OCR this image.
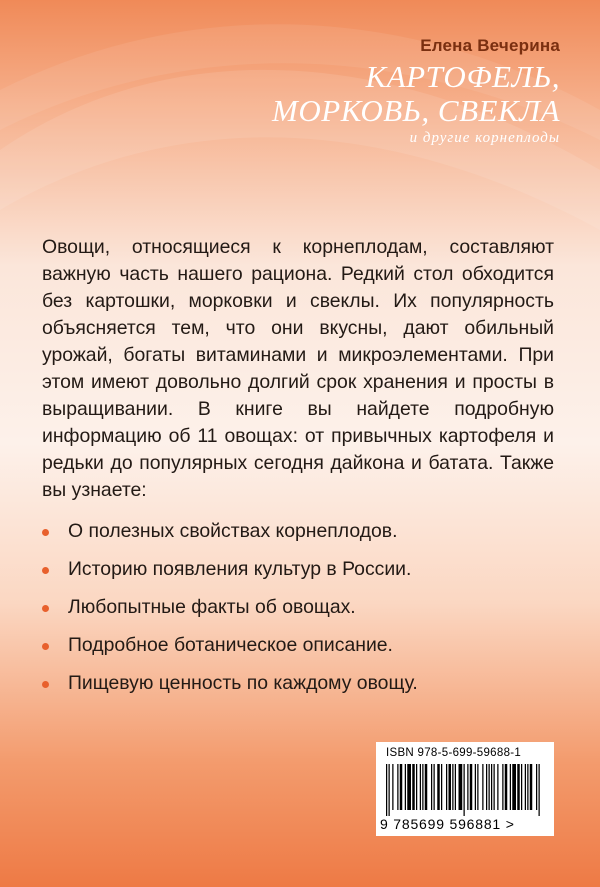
Елена Вечерина
КАРТОФЕЛЬ,
МОРКОВЬ, СВЕКЛА
и другие корнеплоды

Овощи, относящиеся к корнеплодам, составляют важную часть нашего рациона. Редкий стол обходится без картошки, морковки и свеклы. Их популярность объясняется тем, что они вкусны, дают обильный урожай, богаты витаминами и микроэлементами. При этом имеют довольно долгий срок хранения и просты в выращивании. В книге вы найдете подробную информацию об 11 овощах: от привычных картофеля и редьки до популярных сегодня дайкона и батата. Также вы узнаете:

О полезных свойствах корнеплодов.
Историю появления культур в России.
Любопытные факты об овощах.
Подробное ботаническое описание.
Пищевую ценность по каждому овощу.
ISBN 978-5-699-59688-1
9 785699 596881 >
